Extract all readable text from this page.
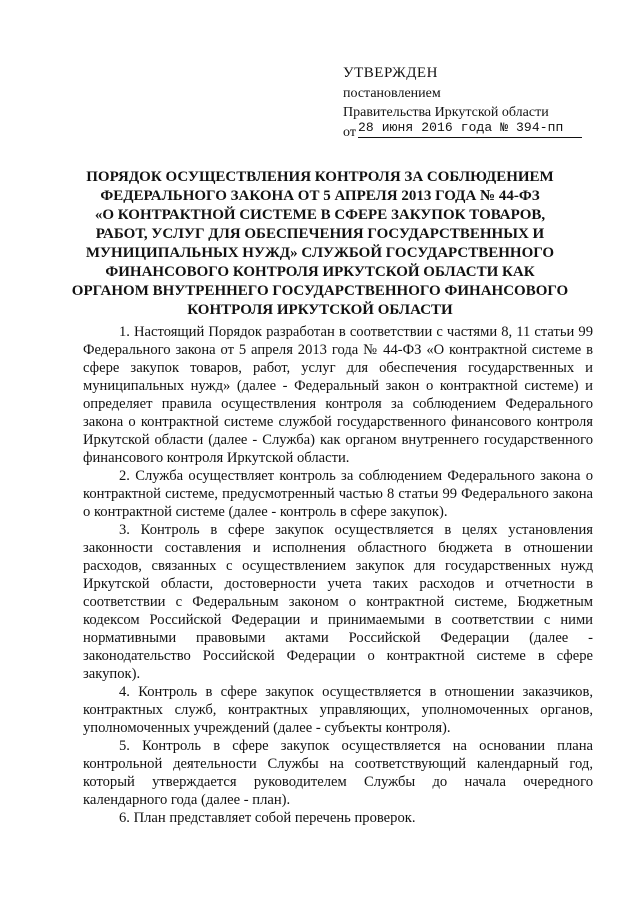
УТВЕРЖДЕН
постановлением
Правительства Иркутской области
от 28 июня 2016 года № 394-пп
ПОРЯДОК ОСУЩЕСТВЛЕНИЯ КОНТРОЛЯ ЗА СОБЛЮДЕНИЕМ
ФЕДЕРАЛЬНОГО ЗАКОНА ОТ 5 АПРЕЛЯ 2013 ГОДА № 44-ФЗ
«О КОНТРАКТНОЙ СИСТЕМЕ В СФЕРЕ ЗАКУПОК ТОВАРОВ,
РАБОТ, УСЛУГ ДЛЯ ОБЕСПЕЧЕНИЯ ГОСУДАРСТВЕННЫХ И
МУНИЦИПАЛЬНЫХ НУЖД» СЛУЖБОЙ ГОСУДАРСТВЕННОГО
ФИНАНСОВОГО КОНТРОЛЯ ИРКУТСКОЙ ОБЛАСТИ КАК
ОРГАНОМ ВНУТРЕННЕГО ГОСУДАРСТВЕННОГО ФИНАНСОВОГО
КОНТРОЛЯ ИРКУТСКОЙ ОБЛАСТИ

1. Настоящий Порядок разработан в соответствии с частями 8, 11 статьи 99 Федерального закона от 5 апреля 2013 года № 44-ФЗ «О контрактной системе в сфере закупок товаров, работ, услуг для обеспечения государственных и муниципальных нужд» (далее - Федеральный закон о контрактной системе) и определяет правила осуществления контроля за соблюдением Федерального закона о контрактной системе службой государственного финансового контроля Иркутской области (далее - Служба) как органом внутреннего государственного финансового контроля Иркутской области.

2. Служба осуществляет контроль за соблюдением Федерального закона о контрактной системе, предусмотренный частью 8 статьи 99 Федерального закона о контрактной системе (далее - контроль в сфере закупок).

3. Контроль в сфере закупок осуществляется в целях установления законности составления и исполнения областного бюджета в отношении расходов, связанных с осуществлением закупок для государственных нужд Иркутской области, достоверности учета таких расходов и отчетности в соответствии с Федеральным законом о контрактной системе, Бюджетным кодексом Российской Федерации и принимаемыми в соответствии с ними нормативными правовыми актами Российской Федерации (далее - законодательство Российской Федерации о контрактной системе в сфере закупок).

4. Контроль в сфере закупок осуществляется в отношении заказчиков, контрактных служб, контрактных управляющих, уполномоченных органов, уполномоченных учреждений (далее - субъекты контроля).

5. Контроль в сфере закупок осуществляется на основании плана контрольной деятельности Службы на соответствующий календарный год, который утверждается руководителем Службы до начала очередного календарного года (далее - план).

6. План представляет собой перечень проверок.
